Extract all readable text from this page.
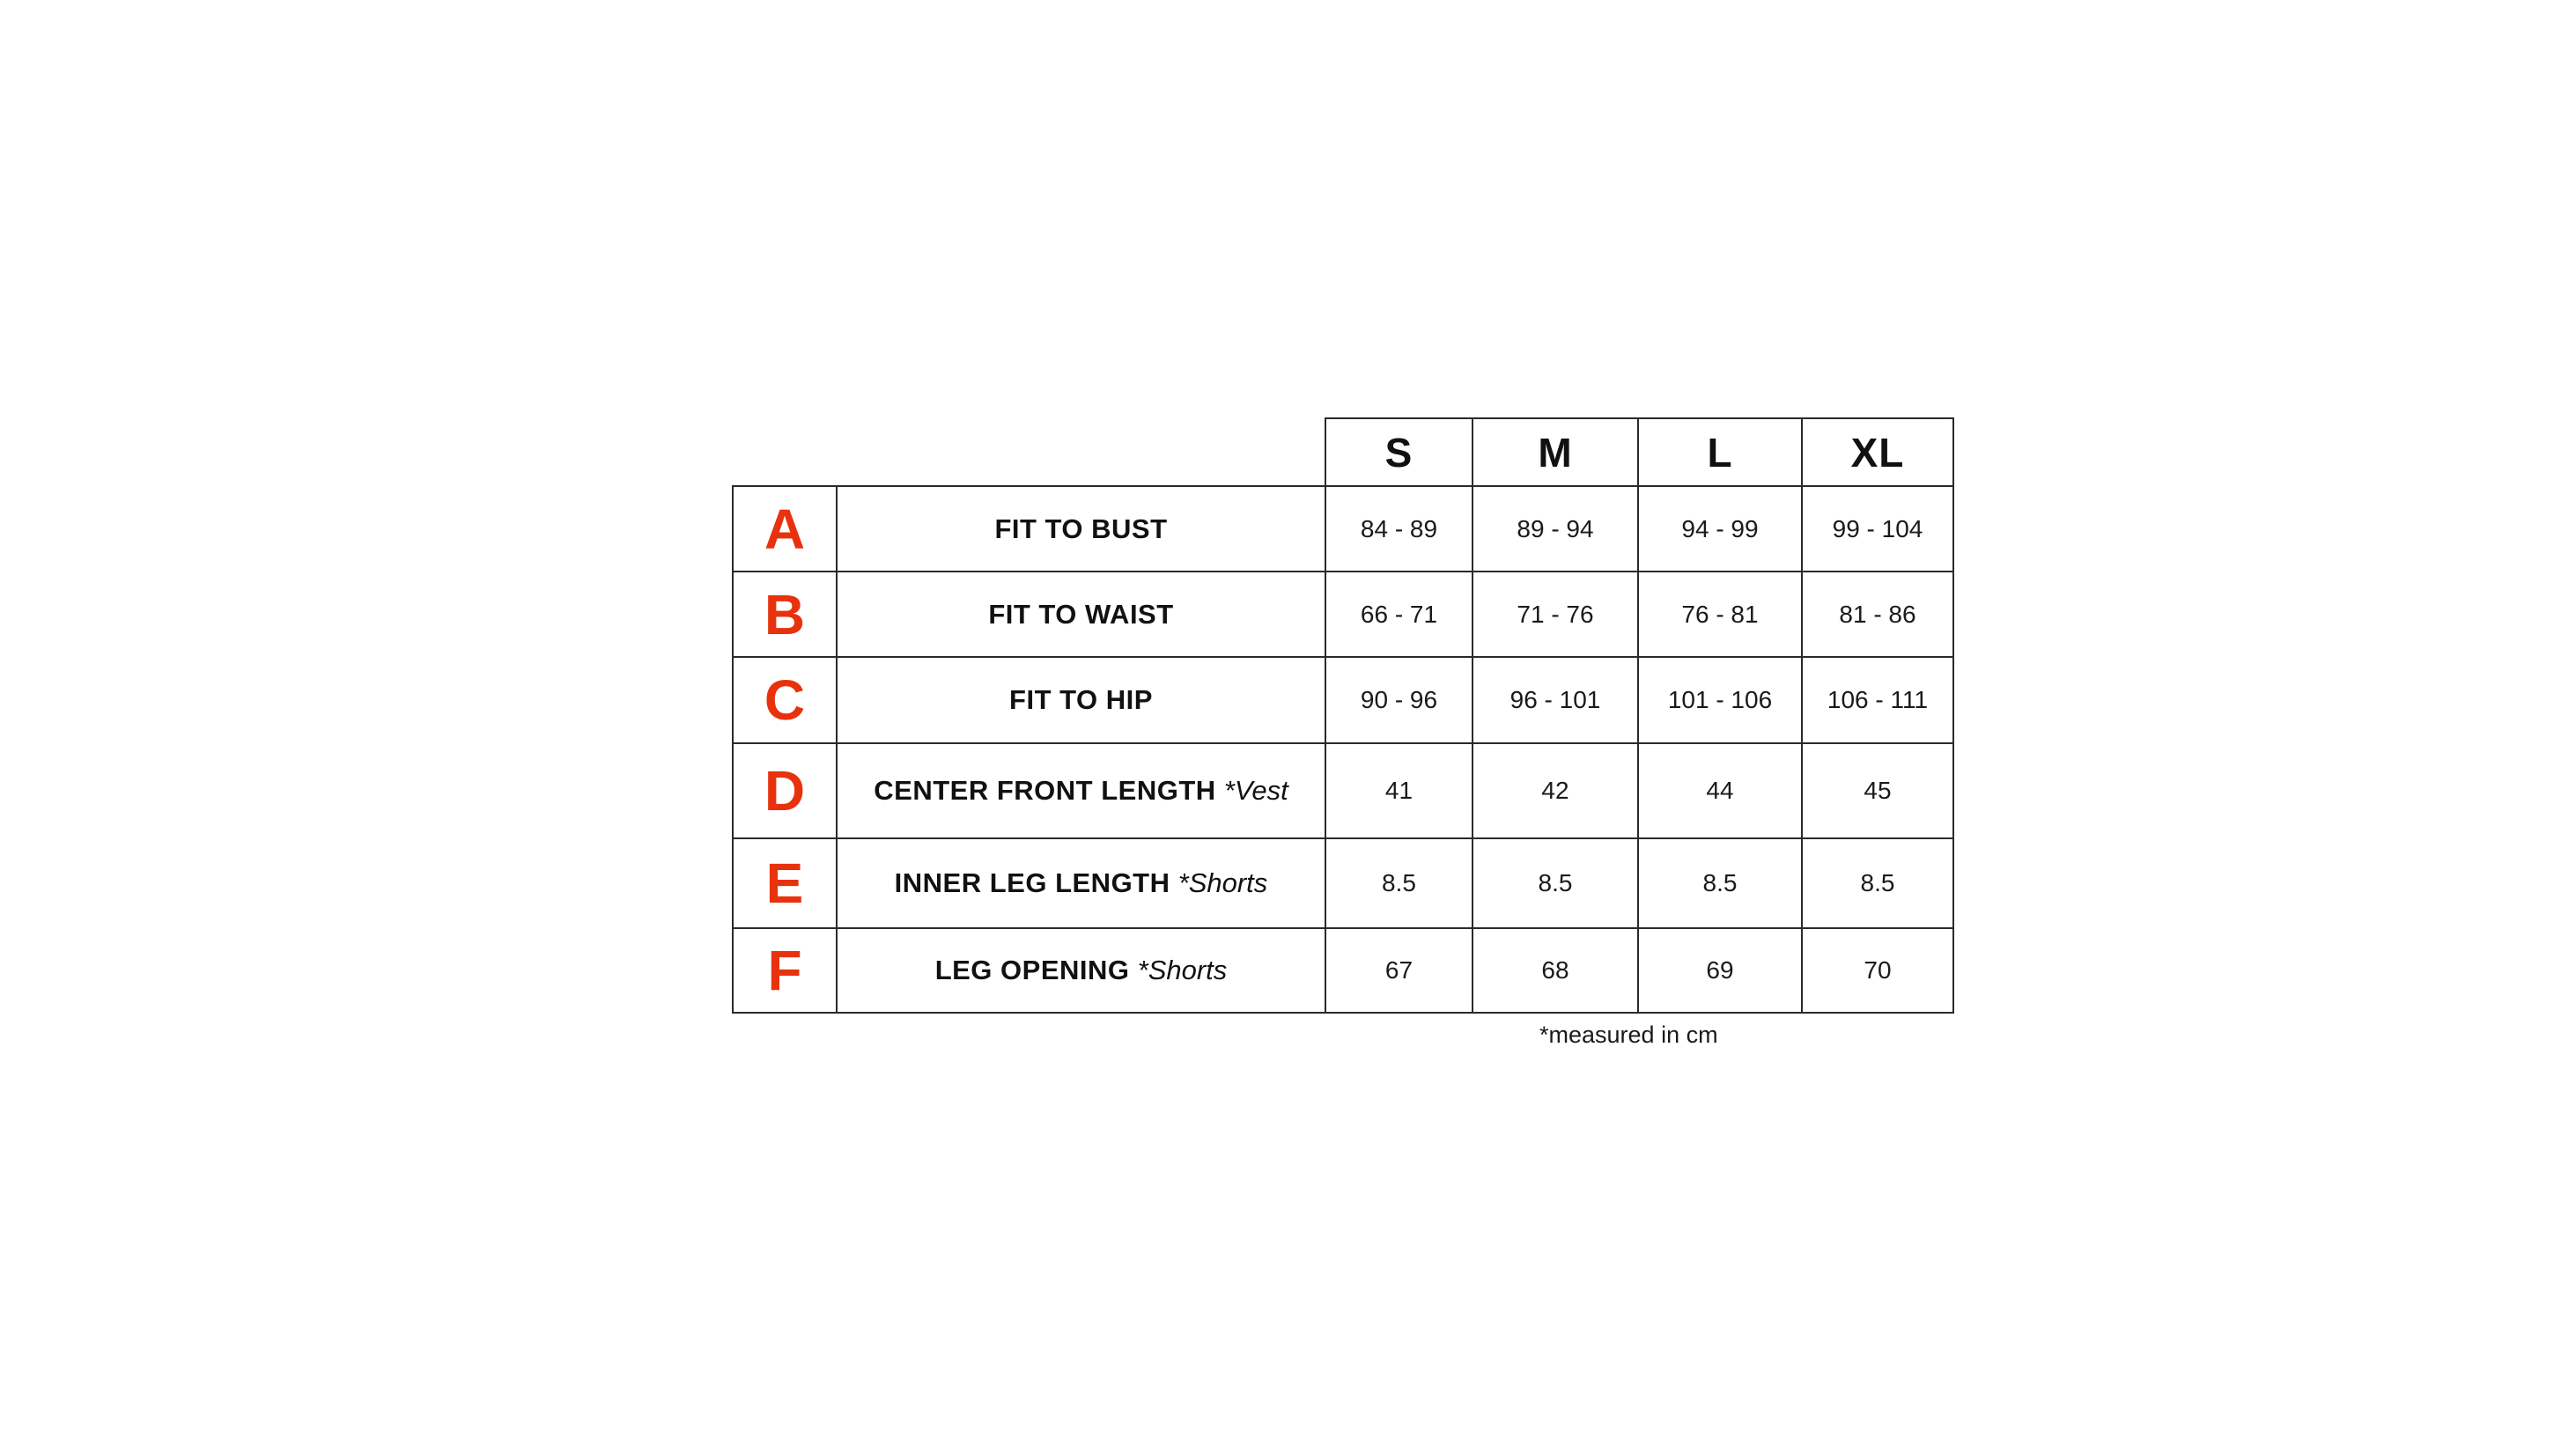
		S	M	L	XL
A	FIT TO BUST	84 - 89	89 - 94	94 - 99	99 - 104
B	FIT TO WAIST	66 - 71	71 - 76	76 - 81	81 - 86
C	FIT TO HIP	90 - 96	96 - 101	101 - 106	106 - 111
D	CENTER FRONT LENGTH *Vest	41	42	44	45
E	INNER LEG LENGTH *Shorts	8.5	8.5	8.5	8.5
F	LEG OPENING *Shorts	67	68	69	70
*measured in cm
